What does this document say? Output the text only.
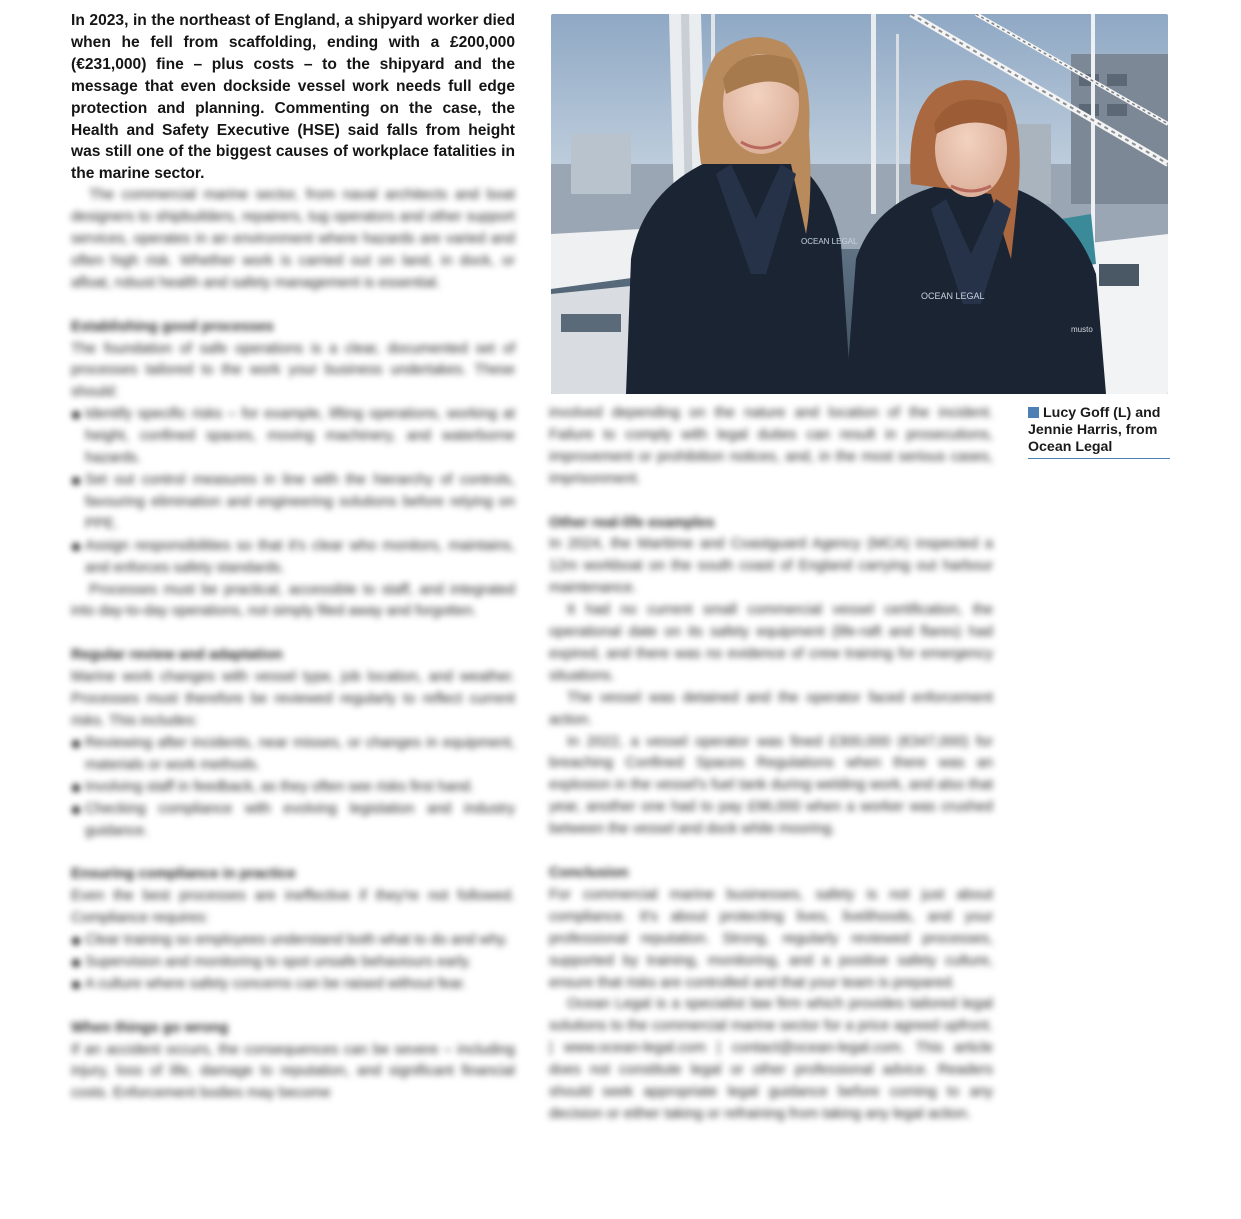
In 2023, in the northeast of England, a shipyard worker died when he fell from scaffolding, ending with a £200,000 (€231,000) fine – plus costs – to the shipyard and the message that even dockside vessel work needs full edge protection and planning. Commenting on the case, the Health and Safety Executive (HSE) said falls from height was still one of the biggest causes of workplace fatalities in the marine sector.

The commercial marine sector, from naval architects and boat designers to shipbuilders, repairers, tug operators and other support services, operates in an environment where hazards are varied and often high risk. Whether work is carried out on land, in dock, or afloat, robust health and safety management is essential.

Establishing good processes

The foundation of safe operations is a clear, documented set of processes tailored to the work your business undertakes. These should:

Identify specific risks – for example, lifting operations, working at height, confined spaces, moving machinery, and waterborne hazards.
Set out control measures in line with the hierarchy of controls, favouring elimination and engineering solutions before relying on PPE.
Assign responsibilities so that it's clear who monitors, maintains, and enforces safety standards.

Processes must be practical, accessible to staff, and integrated into day-to-day operations, not simply filed away and forgotten.

Regular review and adaptation

Marine work changes with vessel type, job location, and weather. Processes must therefore be reviewed regularly to reflect current risks. This includes:

Reviewing after incidents, near misses, or changes in equipment, materials or work methods.
Involving staff in feedback, as they often see risks first hand.
Checking compliance with evolving legislation and industry guidance.

Ensuring compliance in practice

Even the best processes are ineffective if they're not followed. Compliance requires:

Clear training so employees understand both what to do and why.
Supervision and monitoring to spot unsafe behaviours early.
A culture where safety concerns can be raised without fear.

When things go wrong

If an accident occurs, the consequences can be severe – including injury, loss of life, damage to reputation, and significant financial costs. Enforcement bodies may become

OCEAN LEGAL
OCEAN LEGAL
musto

involved depending on the nature and location of the incident. Failure to comply with legal duties can result in prosecutions, improvement or prohibition notices, and, in the most serious cases, imprisonment.

Other real-life examples

In 2024, the Maritime and Coastguard Agency (MCA) inspected a 12m workboat on the south coast of England carrying out harbour maintenance.

It had no current small commercial vessel certification, the operational date on its safety equipment (life-raft and flares) had expired, and there was no evidence of crew training for emergency situations.

The vessel was detained and the operator faced enforcement action.

In 2022, a vessel operator was fined £300,000 (€347,000) for breaching Confined Spaces Regulations when there was an explosion in the vessel's fuel tank during welding work, and also that year, another one had to pay £96,000 when a worker was crushed between the vessel and dock while mooring.

Conclusion

For commercial marine businesses, safety is not just about compliance. It's about protecting lives, livelihoods, and your professional reputation. Strong, regularly reviewed processes, supported by training, monitoring, and a positive safety culture, ensure that risks are controlled and that your team is prepared.

Ocean Legal is a specialist law firm which provides tailored legal solutions to the commercial marine sector for a price agreed upfront. | www.ocean-legal.com | contact@ocean-legal.com. This article does not constitute legal or other professional advice. Readers should seek appropriate legal guidance before coming to any decision or either taking or refraining from taking any legal action.

Lucy Goff (L) and Jennie Harris, from Ocean Legal
